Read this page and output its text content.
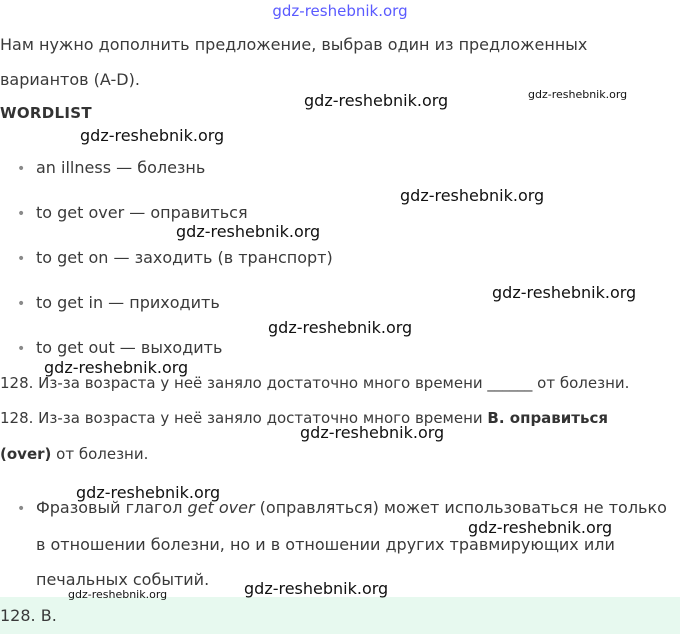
gdz-reshebnik.org
Нам нужно дополнить предложение, выбрав один из предложенных
вариантов (A-D).
WORDLIST
• an illness — болезнь
• to get over — оправиться
• to get on — заходить (в транспорт)
• to get in — приходить
• to get out — выходить
128. Из-за возраста у неё заняло достаточно много времени ______ от болезни.
128. Из-за возраста у неё заняло достаточно много времени B. оправиться
(over) от болезни.
• Фразовый глагол get over (оправляться) может использоваться не только
в отношении болезни, но и в отношении других травмирующих или
печальных событий.
128. B.
gdz-reshebnik.org	gdz-reshebnik.org
gdz-reshebnik.org
gdz-reshebnik.org
gdz-reshebnik.org
gdz-reshebnik.org
gdz-reshebnik.org
gdz-reshebnik.org
gdz-reshebnik.org
gdz-reshebnik.org
gdz-reshebnik.org
gdz-reshebnik.org
gdz-reshebnik.org
